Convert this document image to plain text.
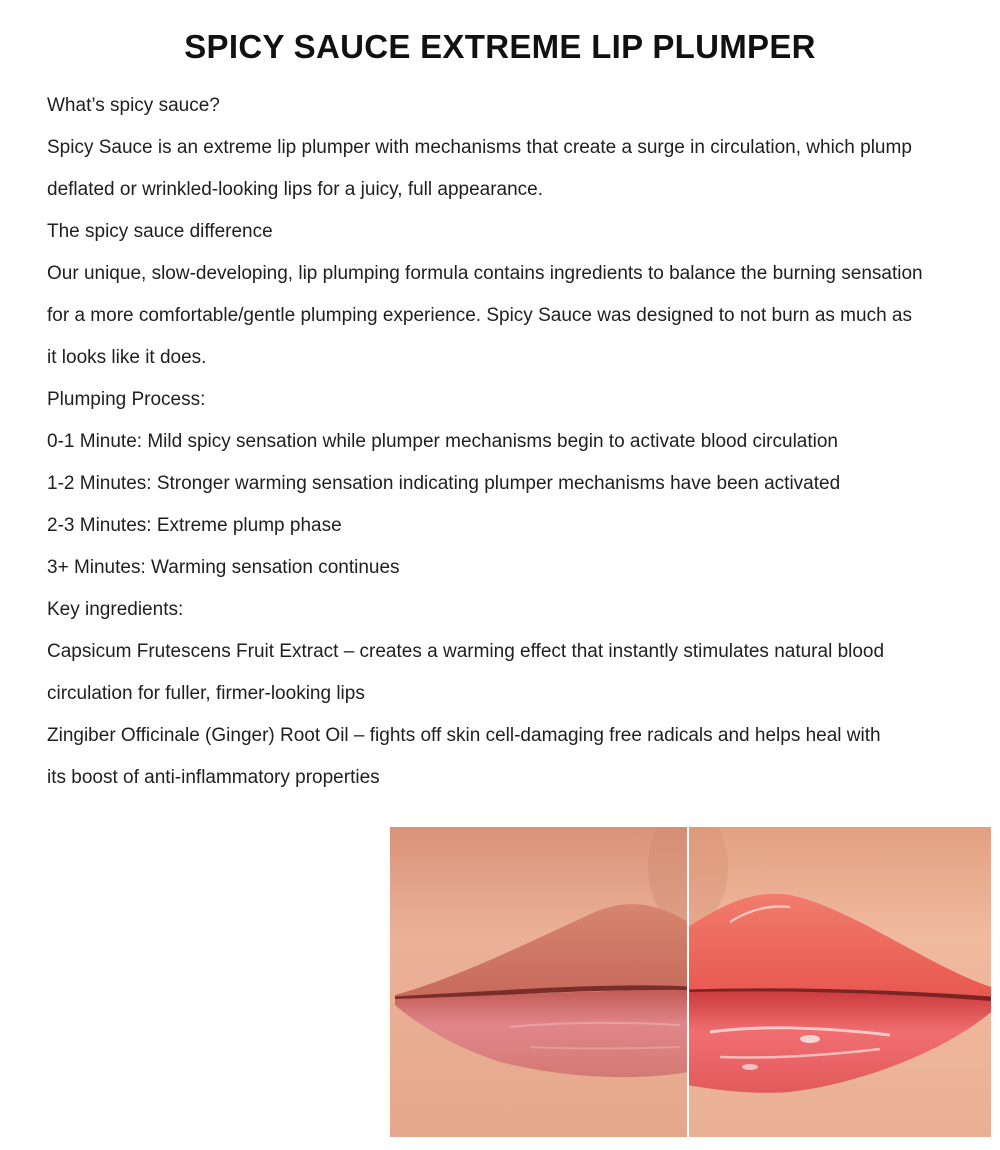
SPICY SAUCE EXTREME LIP PLUMPER

What’s spicy sauce?

Spicy Sauce is an extreme lip plumper with mechanisms that create a surge in circulation, which plump

deflated or wrinkled-looking lips for a juicy, full appearance.

The spicy sauce difference

Our unique, slow-developing, lip plumping formula contains ingredients to balance the burning sensation

for a more comfortable/gentle plumping experience. Spicy Sauce was designed to not burn as much as

it looks like it does.

Plumping Process:

0-1 Minute: Mild spicy sensation while plumper mechanisms begin to activate blood circulation

1-2 Minutes: Stronger warming sensation indicating plumper mechanisms have been activated

2-3 Minutes: Extreme plump phase

3+ Minutes: Warming sensation continues

Key ingredients:

Capsicum Frutescens Fruit Extract – creates a warming effect that instantly stimulates natural blood

circulation for fuller, firmer-looking lips

Zingiber Officinale (Ginger) Root Oil – fights off skin cell-damaging free radicals and helps heal with

its boost of anti-inflammatory properties
